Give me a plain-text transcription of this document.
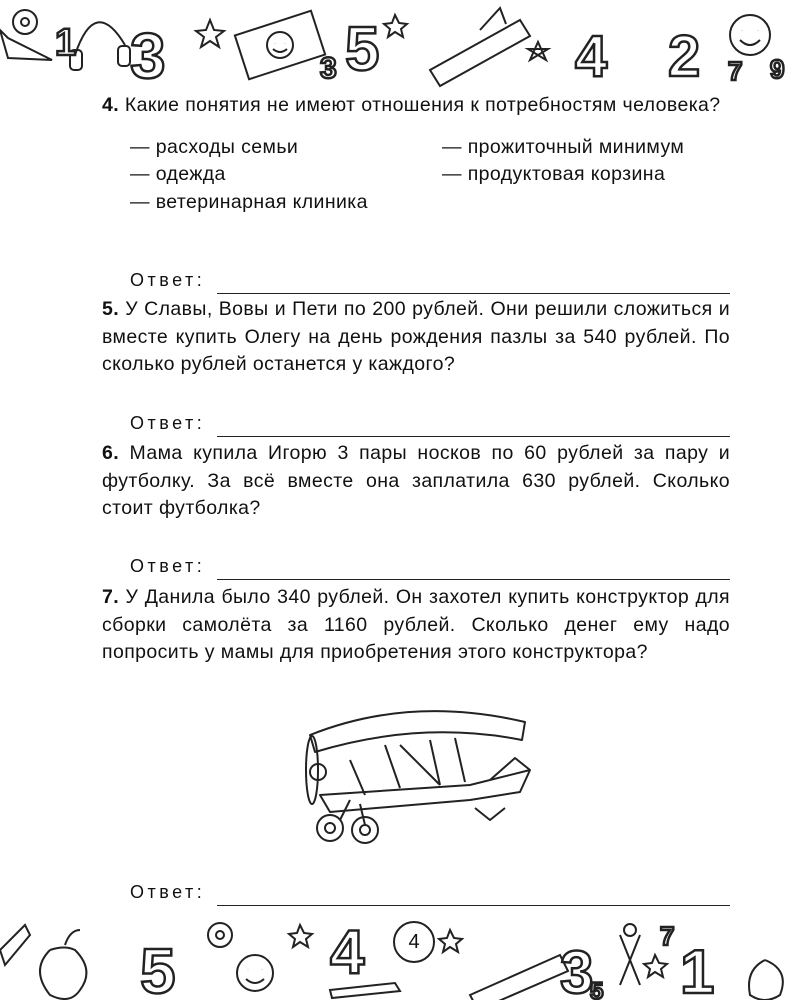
1 3	3 5	4 2 7 9
4. Какие понятия не имеют отношения к потребностям человека?
— расходы семьи	— прожиточный минимум
— одежда	— продуктовая корзина
— ветеринарная клиника
Ответ:
5. У Славы, Вовы и Пети по 200 рублей. Они решили сложиться и вместе купить Олегу на день рождения пазлы за 540 рублей. По сколько рублей останется у каждого?
Ответ:
6. Мама купила Игорю 3 пары носков по 60 рублей за пару и футболку. За всё вместе она заплатила 630 рублей. Сколько стоит футболка?
Ответ:
7. У Данила было 340 рублей. Он захотел купить конструктор для сборки самолёта за 1160 рублей. Сколько денег ему надо попросить у мамы для приобретения этого конструктора?
Ответ:
5 4	3 1
7
5
4
